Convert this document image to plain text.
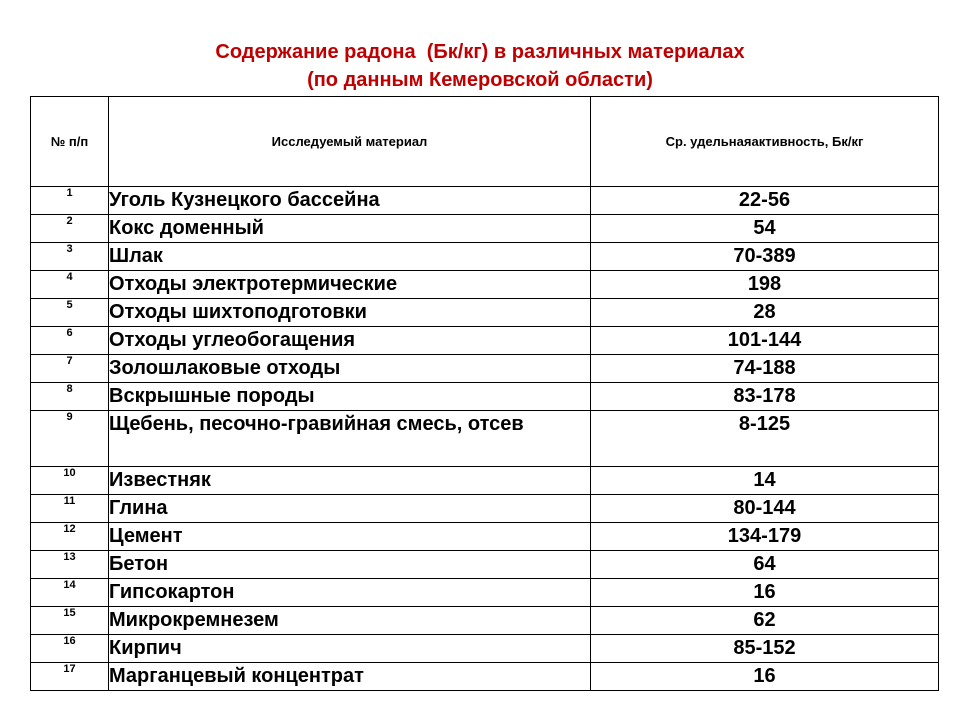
Содержание радона  (Бк/кг) в различных материалах
(по данным Кемеровской области)
№ п/п	Исследуемый материал	Ср. удельнаяактивность, Бк/кг
1	Уголь Кузнецкого бассейна	22-56
2	Кокс доменный	54
3	Шлак	70-389
4	Отходы электротермические	198
5	Отходы шихтоподготовки	28
6	Отходы углеобогащения	101-144
7	Золошлаковые отходы	74-188
8	Вскрышные породы	83-178
9	Щебень, песочно-гравийная смесь, отсев	8-125
10	Известняк	14
11	Глина	80-144
12	Цемент	134-179
13	Бетон	64
14	Гипсокартон	16
15	Микрокремнезем	62
16	Кирпич	85-152
17	Марганцевый концентрат	16
